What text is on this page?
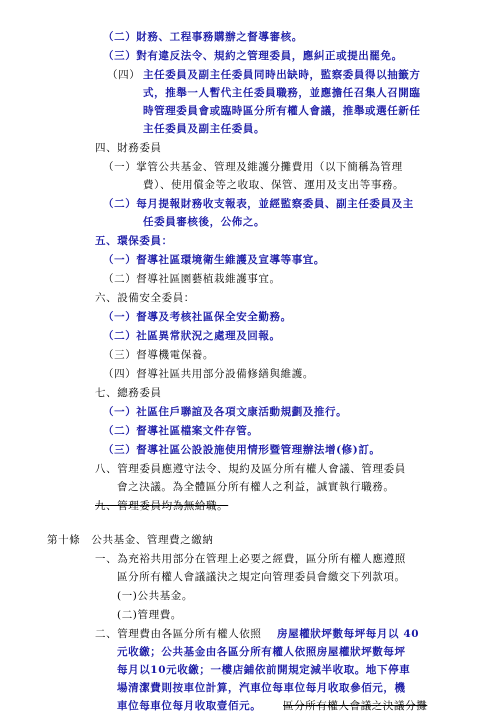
（二）財務、工程事務購辦之督導審核。
（三）對有違反法令、規約之管理委員，應糾正或提出罷免。
（四） 主任委員及副主任委員同時出缺時，監察委員得以抽籤方
式，推舉一人暫代主任委員職務，並應擔任召集人召開臨
時管理委員會或臨時區分所有權人會議，推舉或選任新任
主任委員及副主任委員。
四、財務委員
（一）掌管公共基金、管理及維護分攤費用（以下簡稱為管理
費）、使用償金等之收取、保管、運用及支出等事務。
（二）每月提報財務收支報表，並經監察委員、副主任委員及主
任委員審核後，公佈之。
五、環保委員：
（一）督導社區環境衛生維護及宣導等事宜。
（二）督導社區園藝植栽維護事宜。
六、設備安全委員：
（一）督導及考核社區保全安全勤務。
（二）社區異常狀況之處理及回報。
（三）督導機電保養。
（四）督導社區共用部分設備修繕與維護。
七、總務委員
（一）社區住戶聯誼及各項文康活動規劃及推行。
（二）督導社區檔案文件存管。
（三）督導社區公設設施使用情形暨管理辦法增(修)訂。
八、管理委員應遵守法令、規約及區分所有權人會議、管理委員
會之決議。為全體區分所有權人之利益，誠實執行職務。
九、管理委員均為無給職。
第十條　公共基金、管理費之繳納
一、為充裕共用部分在管理上必要之經費，區分所有權人應遵照
區分所有權人會議議決之規定向管理委員會繳交下列款項。
(一)公共基金。
(二)管理費。
二、管理費由各區分所有權人依照 房屋權狀坪數每坪每月以 40
元收繳；公共基金由各區分所有權人依照房屋權狀坪數每坪
每月以10元收繳；一樓店鋪依前開規定減半收取。地下停車
場清潔費則按車位計算，汽車位每車位每月收取參佰元，機
車位每車位每月收取壹佰元。 區分所有權人會議之決議分攤
